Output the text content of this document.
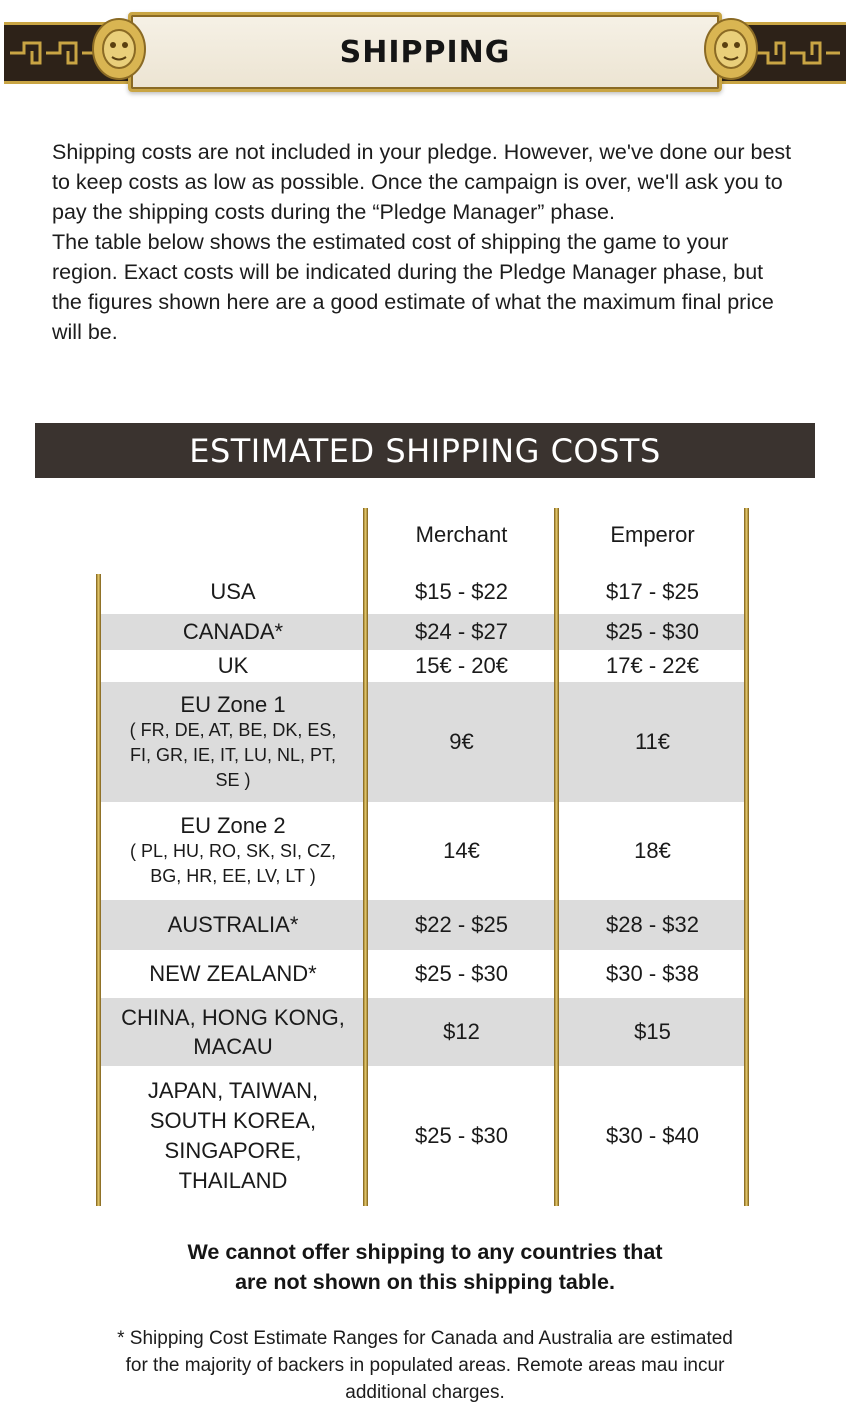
SHIPPING

Shipping costs are not included in your pledge. However, we've done our best to keep costs as low as possible. Once the campaign is over, we'll ask you to pay the shipping costs during the “Pledge Manager” phase.

The table below shows the estimated cost of shipping the game to your region. Exact costs will be indicated during the Pledge Manager phase, but the figures shown here are a good estimate of what the maximum final price will be.

ESTIMATED SHIPPING COSTS
Merchant	Emperor
USA	$15 - $22	$17 - $25
CANADA*	$24 - $27	$25 - $30
UK	15€ - 20€	17€ - 22€
EU Zone 1
( FR, DE, AT, BE, DK, ES, FI, GR, IE, IT, LU, NL, PT, SE )
9€	11€
EU Zone 2
( PL, HU, RO, SK, SI, CZ, BG, HR, EE, LV, LT )
14€	18€
AUSTRALIA*	$22 - $25	$28 - $32
NEW ZEALAND*	$25 - $30	$30 - $38
CHINA, HONG KONG, MACAU
$12	$15
JAPAN, TAIWAN, SOUTH KOREA, SINGAPORE, THAILAND
$25 - $30	$30 - $40
We cannot offer shipping to any countries that are not shown on this shipping table.
* Shipping Cost Estimate Ranges for Canada and Australia are estimated for the majority of backers in populated areas. Remote areas mau incur additional charges.
